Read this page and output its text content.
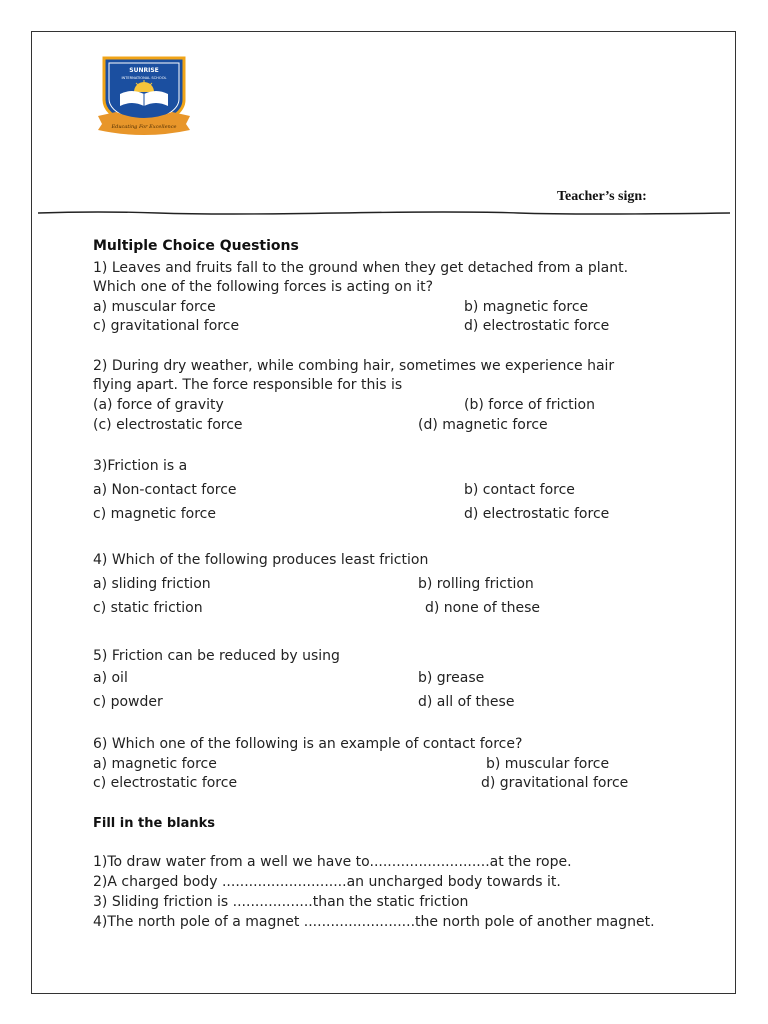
SUNRISE
INTERNATIONAL SCHOOL
Educating For Excellence
Teacher’s sign:
Multiple Choice Questions
1) Leaves and fruits fall to the ground when they get detached from a plant.
Which one of the following forces is acting on it?
a) muscular force	b) magnetic force
c) gravitational force	d) electrostatic force
2) During dry weather, while combing hair, sometimes we experience hair
flying apart. The force responsible for this is
(a) force of gravity	(b) force of friction
(c) electrostatic force	(d) magnetic force
3)Friction is a
a) Non-contact force	b) contact force
c) magnetic force	d) electrostatic force
4) Which of the following produces least friction
a) sliding friction	b) rolling friction
c) static friction	d) none of these
5) Friction can be reduced by using
a) oil	b) grease
c) powder	d) all of these
6) Which one of the following is an example of contact force?
a) magnetic force	b) muscular force
c) electrostatic force	d) gravitational force
Fill in the blanks
1)To draw water from a well we have to...........................at the rope.
2)A charged body ............................an uncharged body towards it.
3) Sliding friction is ..................than the static friction
4)The north pole of a magnet .........................the north pole of another magnet.
